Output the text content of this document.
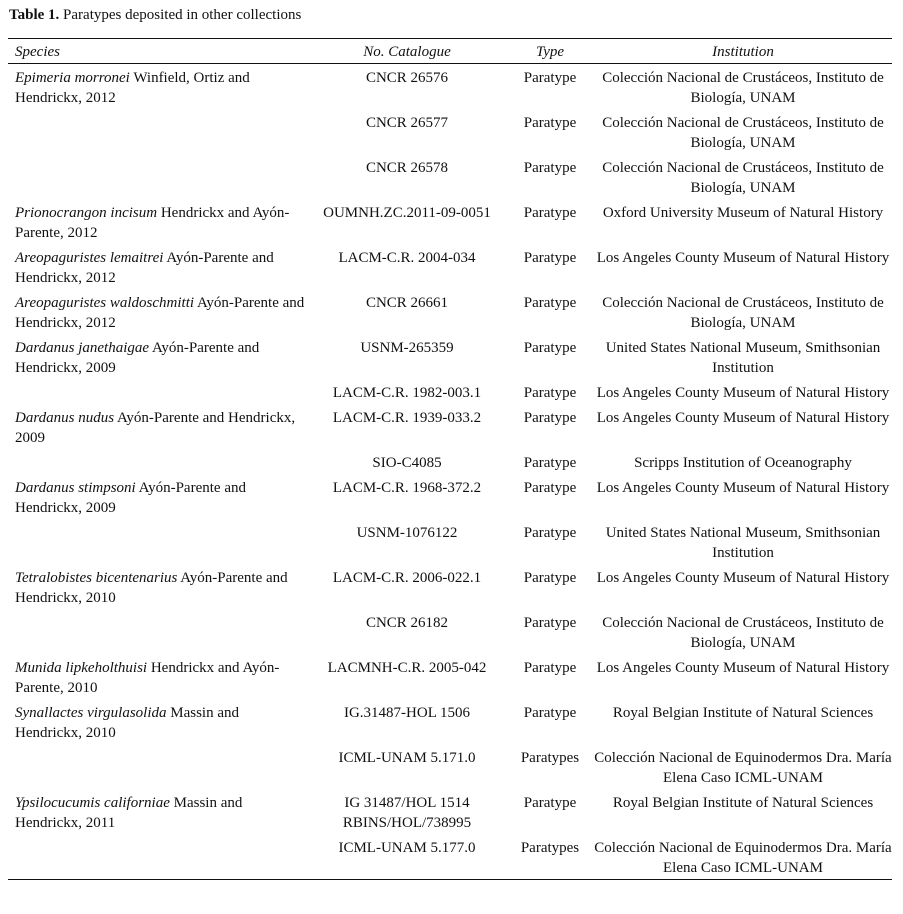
Table 1. Paratypes deposited in other collections
Species	No. Catalogue	Type	Institution
Epimeria morronei Winfield, Ortiz and Hendrickx, 2012	CNCR 26576	Paratype	Colección Nacional de Crustáceos, Instituto de Biología, UNAM
	CNCR 26577	Paratype	Colección Nacional de Crustáceos, Instituto de Biología, UNAM
	CNCR 26578	Paratype	Colección Nacional de Crustáceos, Instituto de Biología, UNAM
Prionocrangon incisum Hendrickx and Ayón-Parente, 2012	OUMNH.ZC.2011-09-0051	Paratype	Oxford University Museum of Natural History
Areopaguristes lemaitrei Ayón-Parente and Hendrickx, 2012	LACM-C.R. 2004-034	Paratype	Los Angeles County Museum of Natural History
Areopaguristes waldoschmitti Ayón-Parente and Hendrickx, 2012	CNCR 26661	Paratype	Colección Nacional de Crustáceos, Instituto de Biología, UNAM
Dardanus janethaigae Ayón-Parente and Hendrickx, 2009	USNM-265359	Paratype	United States National Museum, Smithsonian Institution
	LACM-C.R. 1982-003.1	Paratype	Los Angeles County Museum of Natural History
Dardanus nudus Ayón-Parente and Hendrickx, 2009	LACM-C.R. 1939-033.2	Paratype	Los Angeles County Museum of Natural History
	SIO-C4085	Paratype	Scripps Institution of Oceanography
Dardanus stimpsoni Ayón-Parente and Hendrickx, 2009	LACM-C.R. 1968-372.2	Paratype	Los Angeles County Museum of Natural History
	USNM-1076122	Paratype	United States National Museum, Smithsonian Institution
Tetralobistes bicentenarius Ayón-Parente and Hendrickx, 2010	LACM-C.R. 2006-022.1	Paratype	Los Angeles County Museum of Natural History
	CNCR 26182	Paratype	Colección Nacional de Crustáceos, Instituto de Biología, UNAM
Munida lipkeholthuisi Hendrickx and Ayón-Parente, 2010	LACMNH-C.R. 2005-042	Paratype	Los Angeles County Museum of Natural History
Synallactes virgulasolida Massin and Hendrickx, 2010	IG.31487-HOL 1506	Paratype	Royal Belgian Institute of Natural Sciences
	ICML-UNAM 5.171.0	Paratypes	Colección Nacional de Equinodermos Dra. María Elena Caso ICML-UNAM
Ypsilocucumis californiae Massin and Hendrickx, 2011	IG 31487/HOL 1514 RBINS/HOL/738995	Paratype	Royal Belgian Institute of Natural Sciences
	ICML-UNAM 5.177.0	Paratypes	Colección Nacional de Equinodermos Dra. María Elena Caso ICML-UNAM
